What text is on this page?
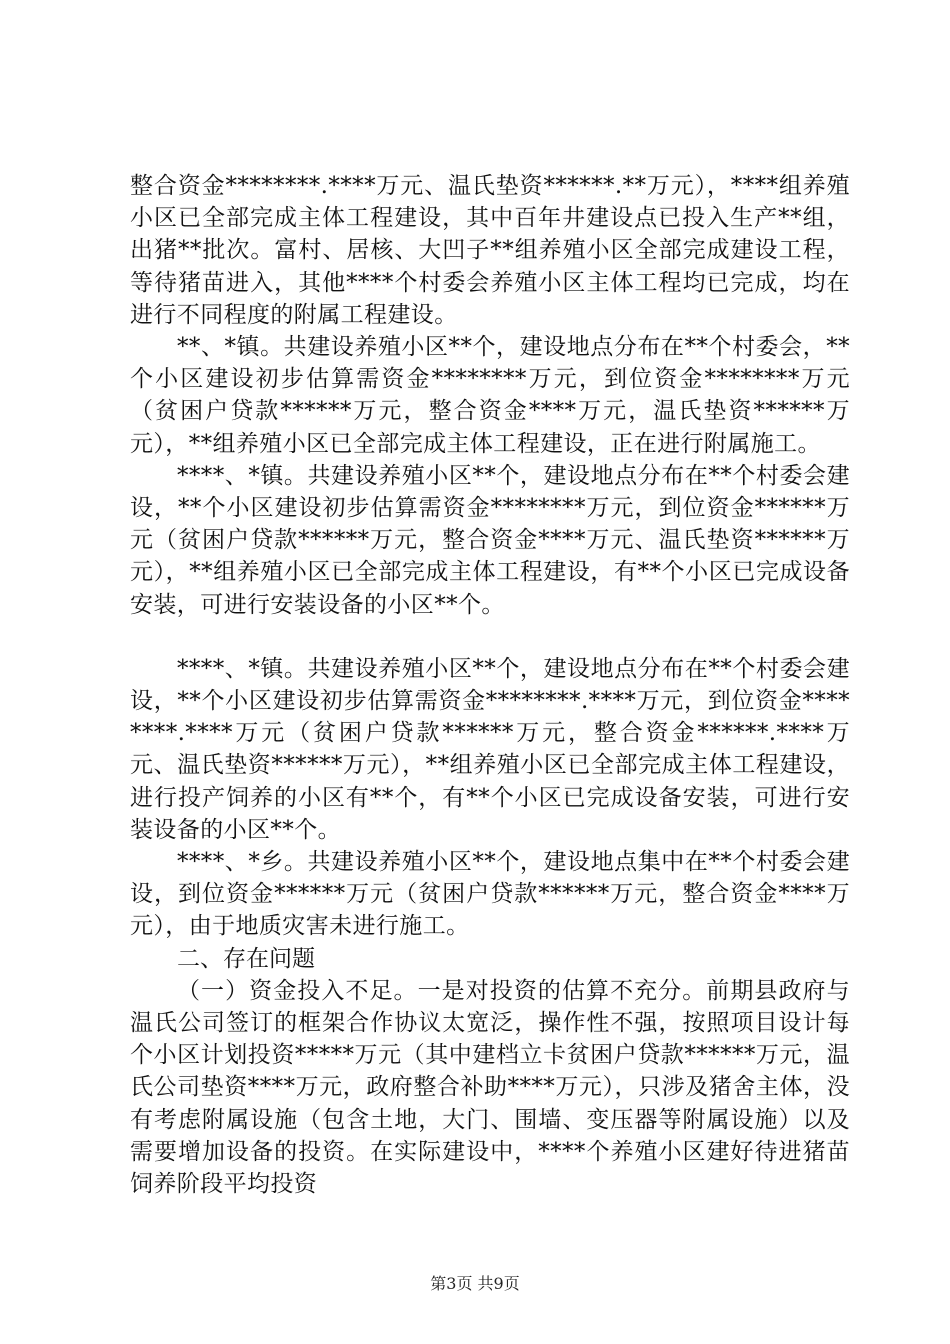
整合资金********.****万元、温氏垫资******.**万元），****组养殖小区已全部完成主体工程建设，其中百年井建设点已投入生产**组，出猪**批次。富村、居核、大凹子**组养殖小区全部完成建设工程，等待猪苗进入，其他****个村委会养殖小区主体工程均已完成，均在进行不同程度的附属工程建设。

**、*镇。共建设养殖小区**个，建设地点分布在**个村委会，**个小区建设初步估算需资金********万元，到位资金********万元（贫困户贷款******万元，整合资金****万元，温氏垫资******万元），**组养殖小区已全部完成主体工程建设，正在进行附属施工。

****、*镇。共建设养殖小区**个，建设地点分布在**个村委会建设，**个小区建设初步估算需资金********万元，到位资金******万元（贫困户贷款******万元，整合资金****万元、温氏垫资******万元），**组养殖小区已全部完成主体工程建设，有**个小区已完成设备安装，可进行安装设备的小区**个。

****、*镇。共建设养殖小区**个，建设地点分布在**个村委会建设，**个小区建设初步估算需资金********.****万元，到位资金********.****万元（贫困户贷款******万元，整合资金******.****万元、温氏垫资******万元），**组养殖小区已全部完成主体工程建设，进行投产饲养的小区有**个，有**个小区已完成设备安装，可进行安装设备的小区**个。

****、*乡。共建设养殖小区**个，建设地点集中在**个村委会建设，到位资金******万元（贫困户贷款******万元，整合资金****万元），由于地质灾害未进行施工。

二、存在问题

（一）资金投入不足。一是对投资的估算不充分。前期县政府与温氏公司签订的框架合作协议太宽泛，操作性不强，按照项目设计每个小区计划投资*****万元（其中建档立卡贫困户贷款******万元，温氏公司垫资****万元，政府整合补助****万元），只涉及猪舍主体，没有考虑附属设施（包含土地，大门、围墙、变压器等附属设施）以及需要增加设备的投资。在实际建设中，****个养殖小区建好待进猪苗饲养阶段平均投资

第3页 共9页
